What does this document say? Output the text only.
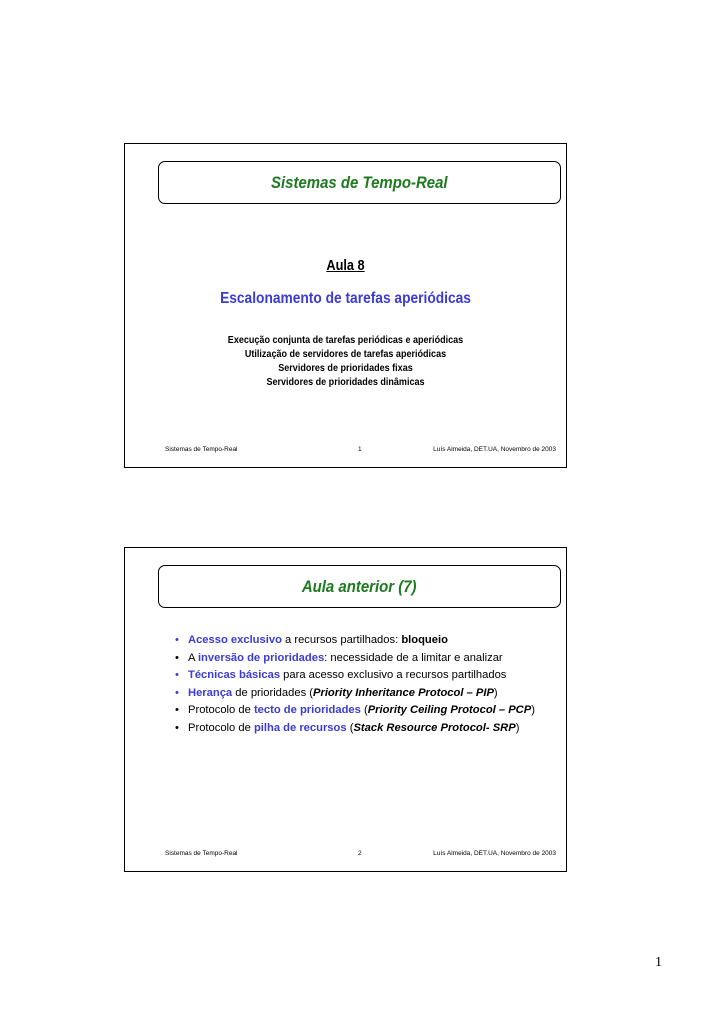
Sistemas de Tempo-Real
Aula 8
Escalonamento de tarefas aperiódicas
Execução conjunta de tarefas periódicas e aperiódicas
Utilização de servidores de tarefas aperiódicas
Servidores de prioridades fixas
Servidores de prioridades dinâmicas
Sistemas de Tempo-Real	1	Luís Almeida, DET.UA, Novembro de 2003
Aula anterior (7)
• Acesso exclusivo a recursos partilhados: bloqueio
• A inversão de prioridades: necessidade de a limitar e analizar
• Técnicas básicas para acesso exclusivo a recursos partilhados
• Herança de prioridades (Priority Inheritance Protocol – PIP)
• Protocolo de tecto de prioridades (Priority Ceiling Protocol – PCP)
• Protocolo de pilha de recursos (Stack Resource Protocol- SRP)
Sistemas de Tempo-Real	2	Luís Almeida, DET.UA, Novembro de 2003
1
